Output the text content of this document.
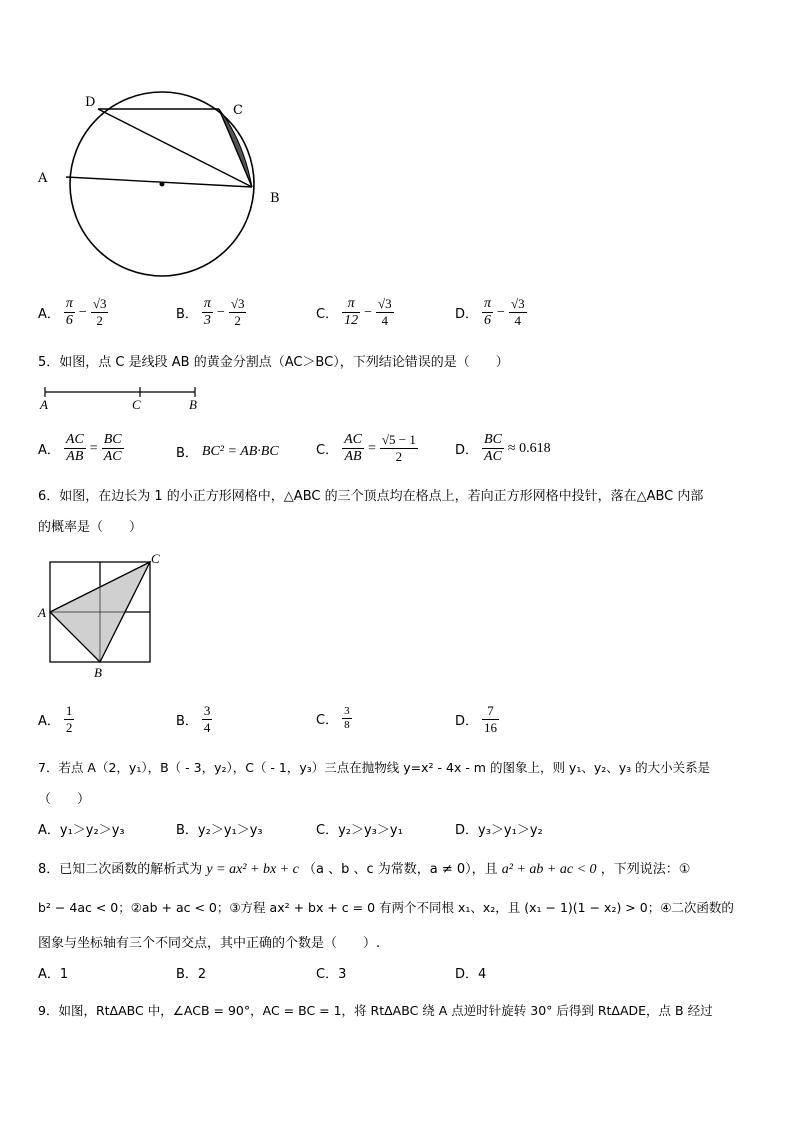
D
C
A
B
A． $\frac{\pi}{6} - \frac{√3}{2}$	B． $\frac{\pi}{3} - \frac{√3}{2}$	C． $\frac{\pi}{12} - \frac{√3}{4}$	D． $\frac{\pi}{6} - \frac{√3}{4}$
5．如图，点 C 是线段 AB 的黄金分割点（AC＞BC），下列结论错误的是（　　）
A	C	B
A． $\frac{AC}{AB} = \frac{BC}{AC}$	B． BC² = AB·BC	C． $\frac{AC}{AB} = \frac{√5 - 1}{2}$	D． $\frac{BC}{AC} \approx 0.618$
6．如图，在边长为 1 的小正方形网格中，△ABC 的三个顶点均在格点上，若向正方形网格中投针，落在△ABC 内部
的概率是（　　）
A
B
C
A． $\frac{1}{2}$	B． $\frac{3}{4}$	C． $\frac{3}{8}$	D． $\frac{7}{16}$
7．若点 A（2，y₁），B（ - 3，y₂），C（ - 1，y₃）三点在抛物线 y=x² - 4x - m 的图象上，则 y₁、y₂、y₃ 的大小关系是
（　　）
A．y₁＞y₂＞y₃	B．y₂＞y₁＞y₃	C．y₂＞y₃＞y₁	D．y₃＞y₁＞y₂
8．已知二次函数的解析式为 y = ax² + bx + c （a 、b 、c 为常数，a ≠ 0），且 a² + ab + ac < 0 ，下列说法：①
b² − 4ac < 0；②ab + ac < 0；③方程 ax² + bx + c = 0 有两个不同根 x₁、x₂，且 (x₁ − 1)(1 − x₂) > 0；④二次函数的
图象与坐标轴有三个不同交点，其中正确的个数是（　　）.
A．1	B．2	C．3	D．4
9．如图，RtΔABC 中，∠ACB = 90°，AC = BC = 1，将 RtΔABC 绕 A 点逆时针旋转 30° 后得到 RtΔADE，点 B 经过
